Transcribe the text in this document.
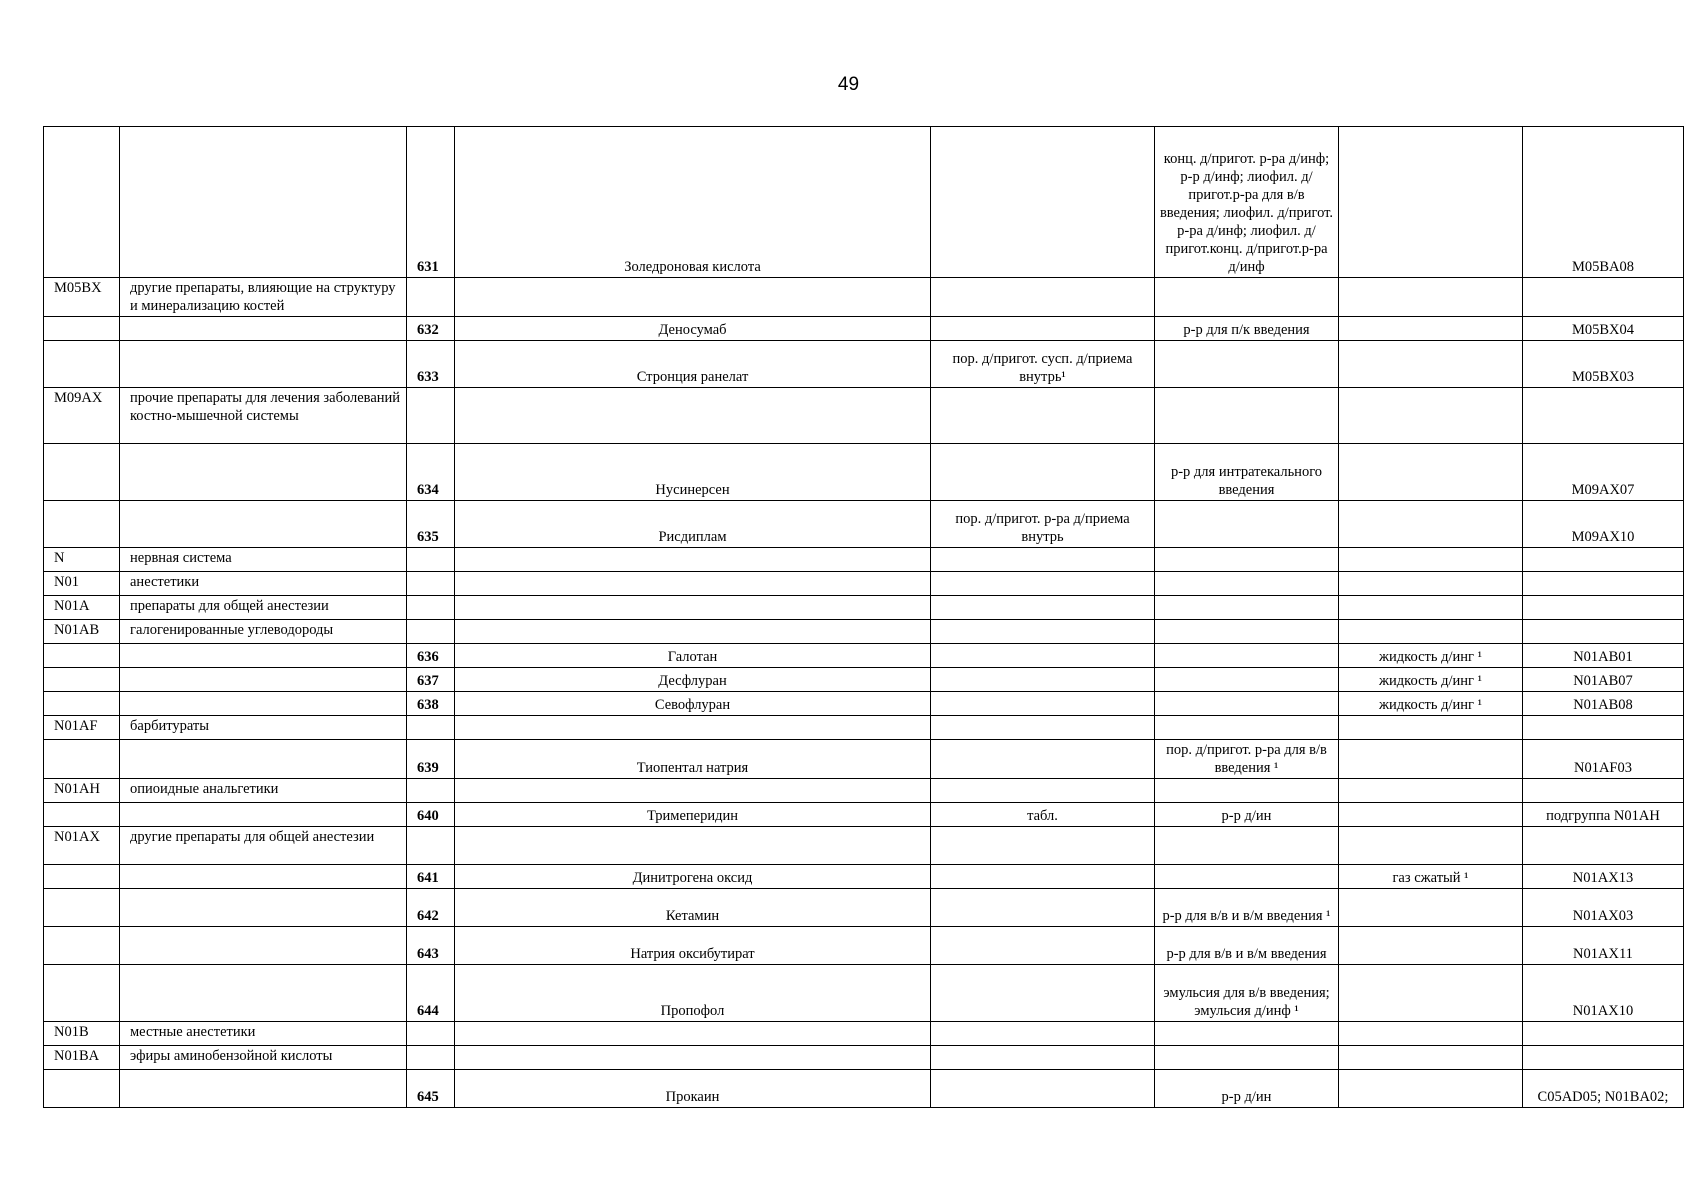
49
		631	Золедроновая кислота		конц. д/пригот. р-ра д/инф; р-р д/инф; лиофил. д/пригот.р-ра для в/в введения; лиофил. д/пригот. р-ра д/инф; лиофил. д/пригот.конц. д/пригот.р-ра д/инф		M05BA08
M05BX	другие препараты, влияющие на структуру и минерализацию костей						
		632	Деносумаб		р-р для п/к введения		M05BX04
		633	Стронция ранелат	пор. д/пригот. сусп. д/приема внутрь¹			M05BX03
M09AX	прочие препараты для лечения заболеваний костно-мышечной системы						
		634	Нусинерсен		р-р для интратекального введения		M09AX07
		635	Рисдиплам	пор. д/пригот. р-ра д/приема внутрь			M09AX10
N	нервная система						
N01	анестетики						
N01A	препараты для общей анестезии						
N01AB	галогенированные углеводороды						
		636	Галотан			жидкость д/инг ¹	N01AB01
		637	Десфлуран			жидкость д/инг ¹	N01AB07
		638	Севофлуран			жидкость д/инг ¹	N01AB08
N01AF	барбитураты						
		639	Тиопентал натрия		пор. д/пригот. р-ра для в/в введения ¹		N01AF03
N01AH	опиоидные анальгетики						
		640	Тримеперидин	табл.	р-р д/ин		подгруппа N01AH
N01AX	другие препараты для общей анестезии						
		641	Динитрогена оксид			газ сжатый ¹	N01AX13
		642	Кетамин		р-р для в/в и в/м введения ¹		N01AX03
		643	Натрия оксибутират		р-р для в/в и в/м введения		N01AX11
		644	Пропофол		эмульсия для в/в введения; эмульсия д/инф ¹		N01AX10
N01B	местные анестетики						
N01BA	эфиры аминобензойной кислоты						
		645	Прокаин		р-р д/ин		C05AD05; N01BA02;
